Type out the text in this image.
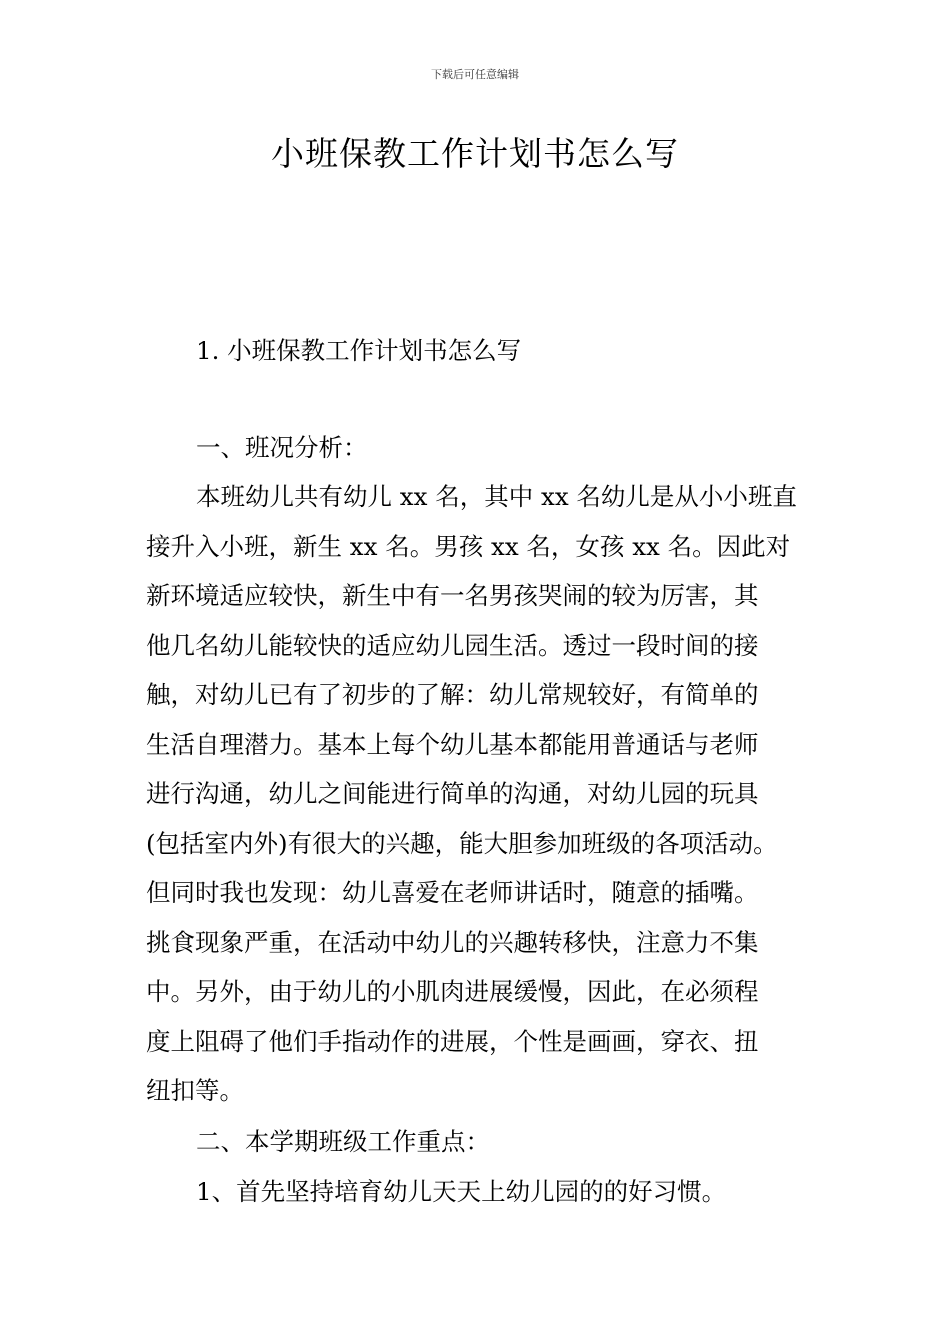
下载后可任意编辑
小班保教工作计划书怎么写
1. 小班保教工作计划书怎么写
一、班况分析：
本班幼儿共有幼儿 xx 名，其中 xx 名幼儿是从小小班直
接升入小班，新生 xx 名。男孩 xx 名，女孩 xx 名。因此对
新环境适应较快，新生中有一名男孩哭闹的较为厉害，其
他几名幼儿能较快的适应幼儿园生活。透过一段时间的接
触，对幼儿已有了初步的了解：幼儿常规较好，有简单的
生活自理潜力。基本上每个幼儿基本都能用普通话与老师
进行沟通，幼儿之间能进行简单的沟通，对幼儿园的玩具
(包括室内外)有很大的兴趣，能大胆参加班级的各项活动。
但同时我也发现：幼儿喜爱在老师讲话时，随意的插嘴。
挑食现象严重，在活动中幼儿的兴趣转移快，注意力不集
中。另外，由于幼儿的小肌肉进展缓慢，因此，在必须程
度上阻碍了他们手指动作的进展，个性是画画，穿衣、扭
纽扣等。
二、本学期班级工作重点：
1、首先坚持培育幼儿天天上幼儿园的的好习惯。
